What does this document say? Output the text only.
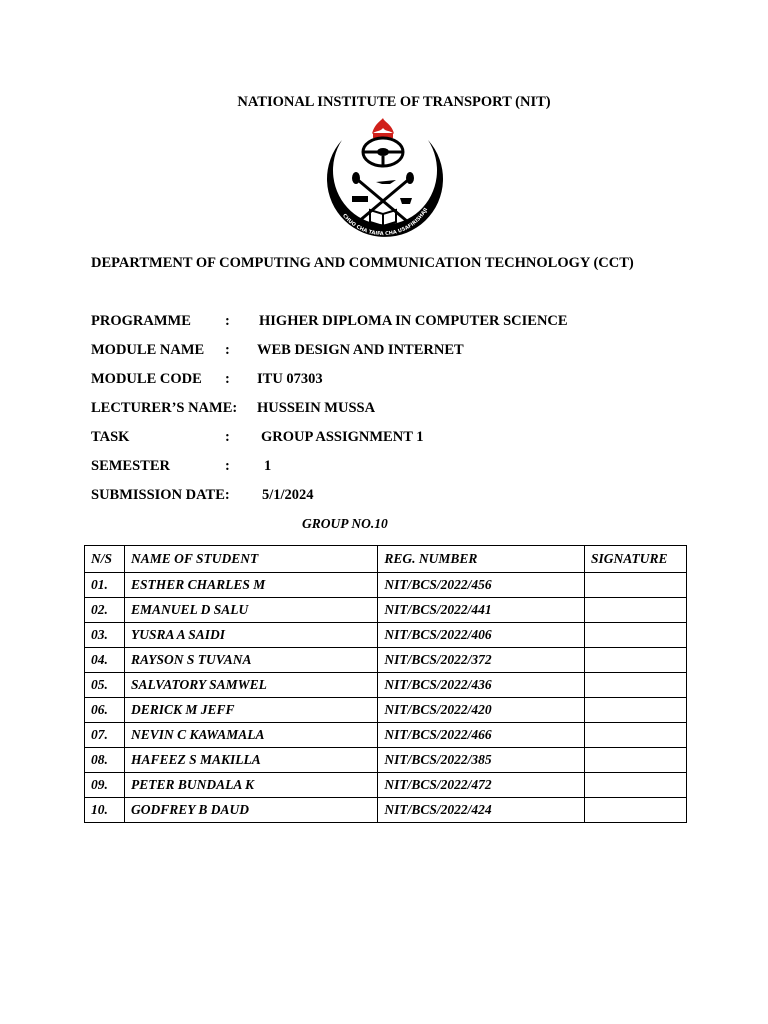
NATIONAL INSTITUTE OF TRANSPORT (NIT)
NIT
CHUO CHA TAIFA CHA USAFIRISHAJI
DEPARTMENT OF COMPUTING AND COMMUNICATION TECHNOLOGY (CCT)
PROGRAMME : HIGHER DIPLOMA IN COMPUTER SCIENCE
MODULE NAME : WEB DESIGN AND INTERNET
MODULE CODE : ITU 07303
LECTURER’S NAME: HUSSEIN MUSSA
TASK	: GROUP ASSIGNMENT 1
SEMESTER	: 1
SUBMISSION DATE: 5/1/2024
GROUP NO.10
N/S	NAME OF STUDENT	REG. NUMBER	SIGNATURE
01.	ESTHER CHARLES M	NIT/BCS/2022/456	
02.	EMANUEL D SALU	NIT/BCS/2022/441	
03.	YUSRA A SAIDI	NIT/BCS/2022/406	
04.	RAYSON S TUVANA	NIT/BCS/2022/372	
05.	SALVATORY SAMWEL	NIT/BCS/2022/436	
06.	DERICK M JEFF	NIT/BCS/2022/420	
07.	NEVIN C KAWAMALA	NIT/BCS/2022/466	
08.	HAFEEZ S MAKILLA	NIT/BCS/2022/385	
09.	PETER BUNDALA K	NIT/BCS/2022/472	
10.	GODFREY B DAUD	NIT/BCS/2022/424	
